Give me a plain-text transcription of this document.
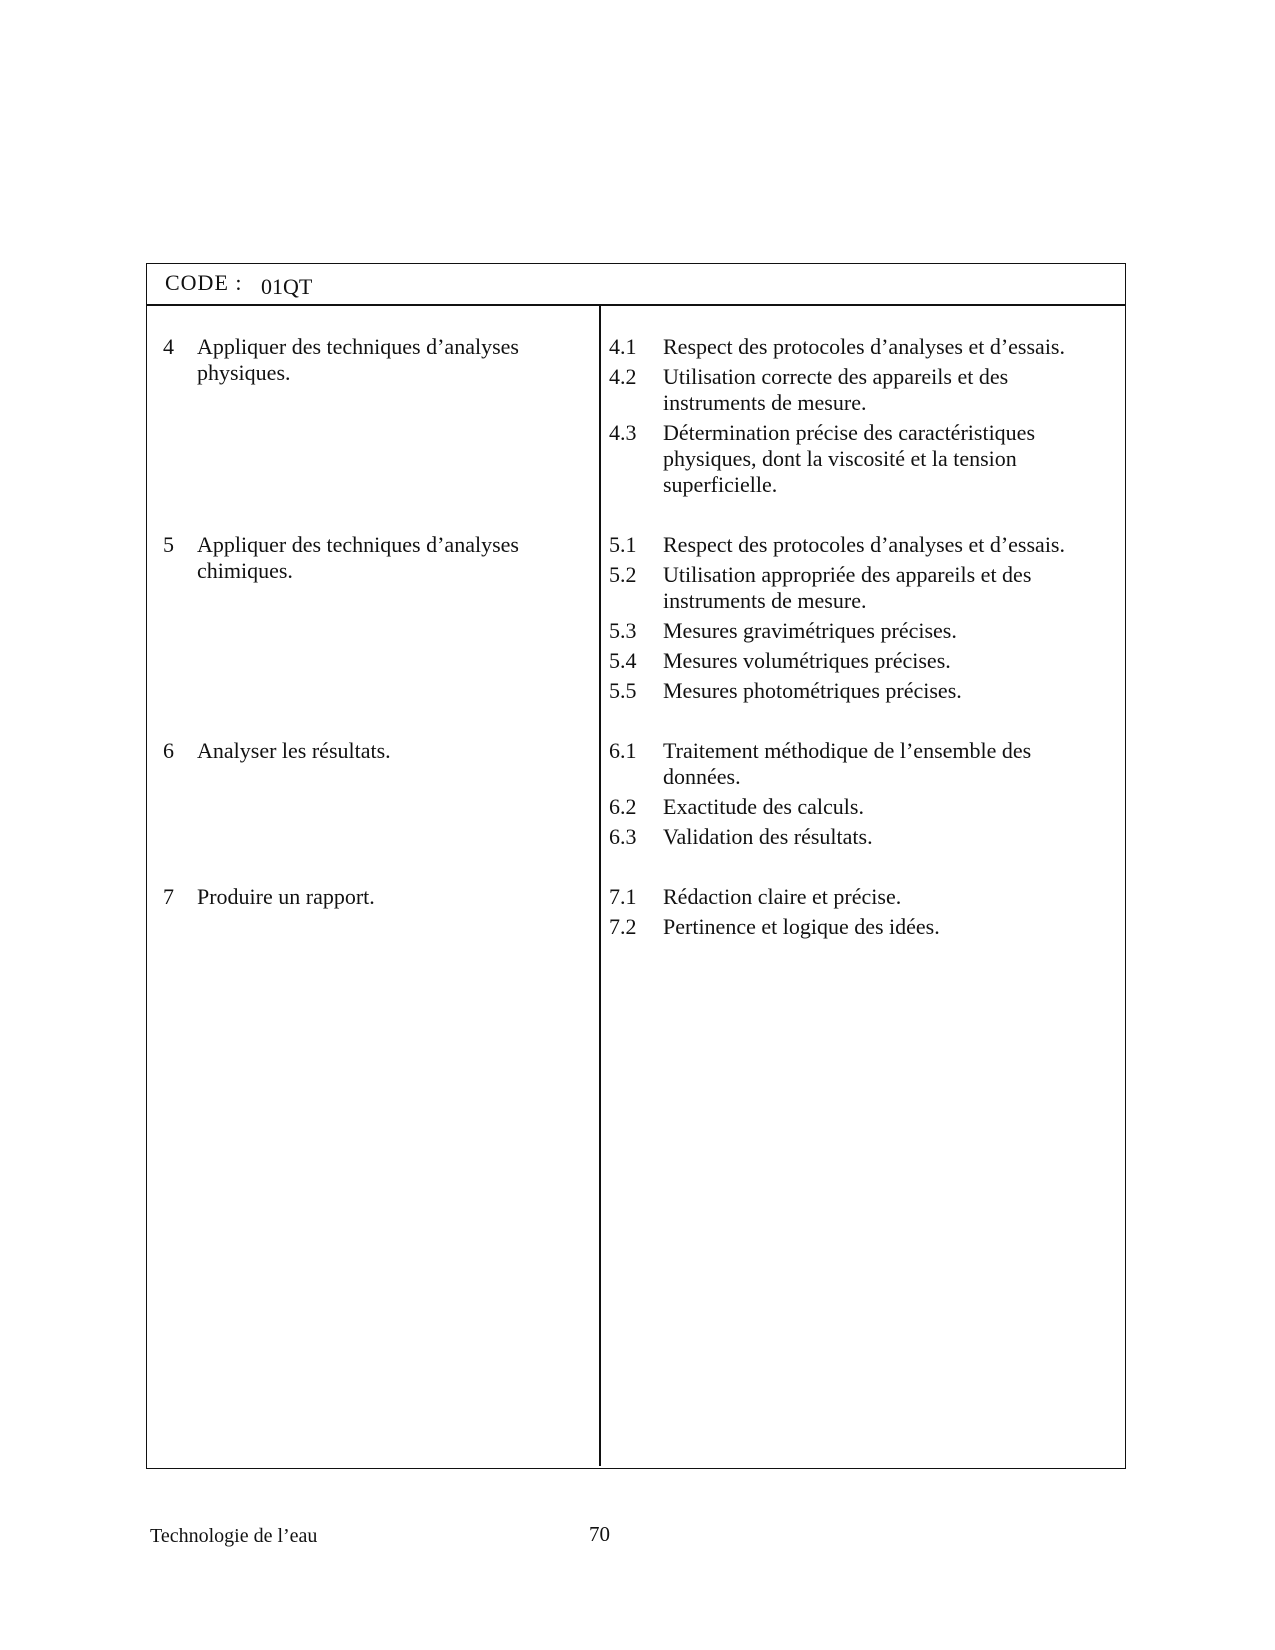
CODE : 01QT
4 Appliquer des techniques d’analyses physiques.
5 Appliquer des techniques d’analyses chimiques.
6 Analyser les résultats.
7 Produire un rapport.
4.1 Respect des protocoles d’analyses et d’essais.
4.2 Utilisation correcte des appareils et des instruments de mesure.
4.3 Détermination précise des caractéristiques physiques, dont la viscosité et la tension superficielle.
5.1 Respect des protocoles d’analyses et d’essais.
5.2 Utilisation appropriée des appareils et des instruments de mesure.
5.3 Mesures gravimétriques précises.
5.4 Mesures volumétriques précises.
5.5 Mesures photométriques précises.
6.1 Traitement méthodique de l’ensemble des données.
6.2 Exactitude des calculs.
6.3 Validation des résultats.
7.1 Rédaction claire et précise.
7.2 Pertinence et logique des idées.
Technologie de l’eau	70
